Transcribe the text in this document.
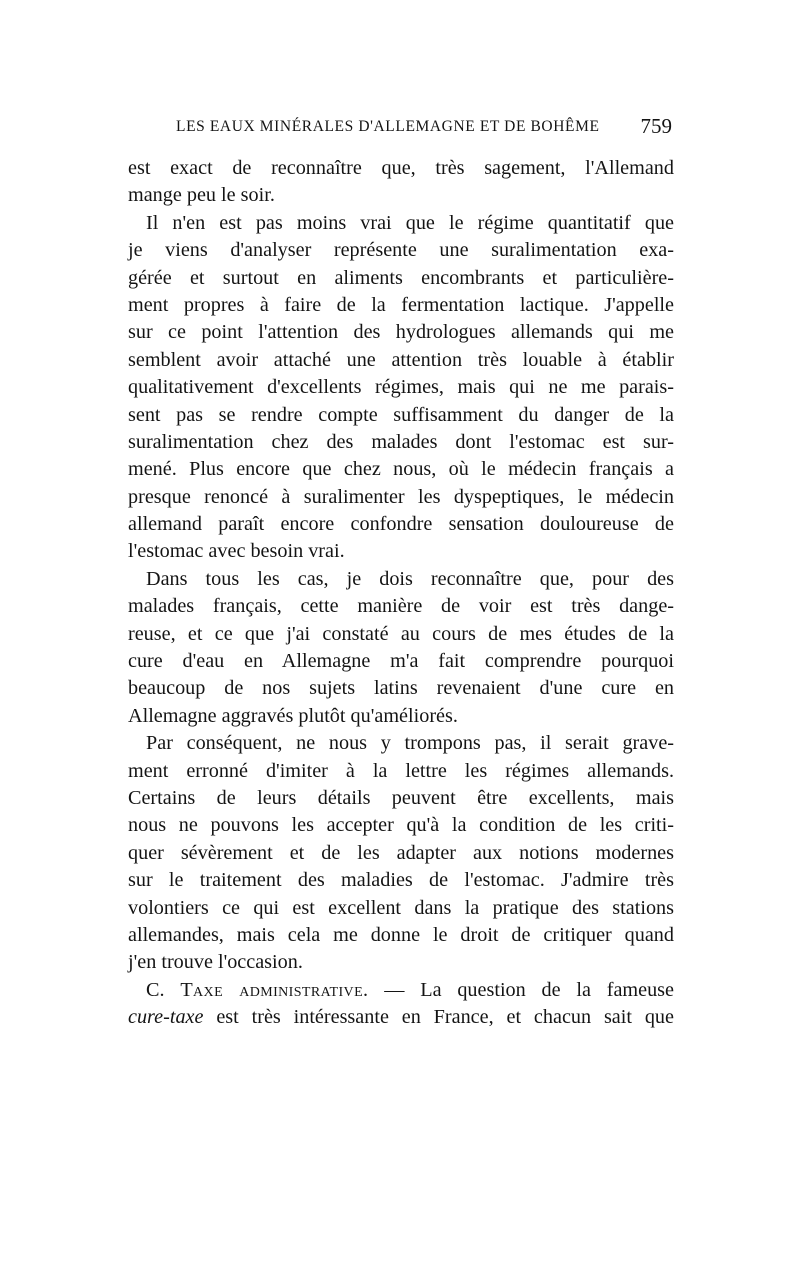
LES EAUX MINÉRALES D'ALLEMAGNE ET DE BOHÊME 759
est exact de reconnaître que, très sagement, l'Allemand
mange peu le soir.
Il n'en est pas moins vrai que le régime quantitatif que
je viens d'analyser représente une suralimentation exa-
gérée et surtout en aliments encombrants et particulière-
ment propres à faire de la fermentation lactique. J'appelle
sur ce point l'attention des hydrologues allemands qui me
semblent avoir attaché une attention très louable à établir
qualitativement d'excellents régimes, mais qui ne me parais-
sent pas se rendre compte suffisamment du danger de la
suralimentation chez des malades dont l'estomac est sur-
mené. Plus encore que chez nous, où le médecin français a
presque renoncé à suralimenter les dyspeptiques, le médecin
allemand paraît encore confondre sensation douloureuse de
l'estomac avec besoin vrai.
Dans tous les cas, je dois reconnaître que, pour des
malades français, cette manière de voir est très dange-
reuse, et ce que j'ai constaté au cours de mes études de la
cure d'eau en Allemagne m'a fait comprendre pourquoi
beaucoup de nos sujets latins revenaient d'une cure en
Allemagne aggravés plutôt qu'améliorés.
Par conséquent, ne nous y trompons pas, il serait grave-
ment erronné d'imiter à la lettre les régimes allemands.
Certains de leurs détails peuvent être excellents, mais
nous ne pouvons les accepter qu'à la condition de les criti-
quer sévèrement et de les adapter aux notions modernes
sur le traitement des maladies de l'estomac. J'admire très
volontiers ce qui est excellent dans la pratique des stations
allemandes, mais cela me donne le droit de critiquer quand
j'en trouve l'occasion.
C. Taxe administrative. — La question de la fameuse
cure-taxe est très intéressante en France, et chacun sait que
